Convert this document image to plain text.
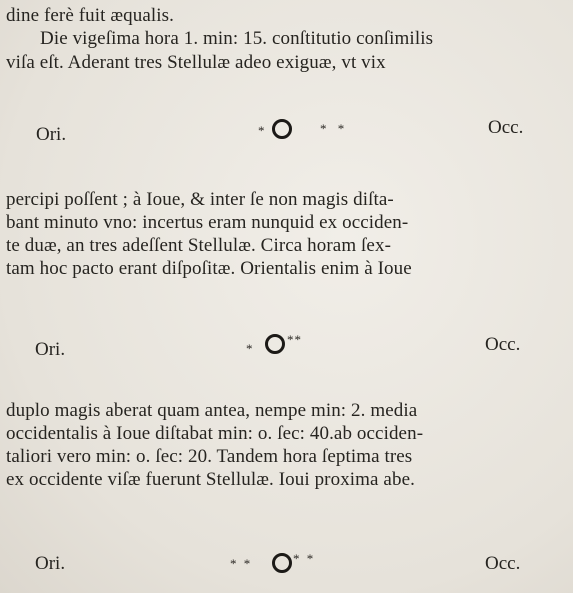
dine ferè fuit æqualis.
Die vigeſima hora 1. min: 15. conſtitutio conſimilis
viſa eſt. Aderant tres Stellulæ adeo exiguæ, vt vix
Ori.	*	* *	Occ.
percipi poſſent ; à Ioue, & inter ſe non magis diſta-
bant minuto vno: incertus eram nunquid ex occiden-
te duæ, an tres adeſſent Stellulæ. Circa horam ſex-
tam hoc pacto erant diſpoſitæ. Orientalis enim à Ioue
Ori.	*
**	Occ.
duplo magis aberat quam antea, nempe min: 2. media
occidentalis à Ioue diſtabat min: o. ſec: 40.ab occiden-
taliori vero min: o. ſec: 20. Tandem hora ſeptima tres
ex occidente viſæ fuerunt Stellulæ. Ioui proxima abe.
Ori.	* *	* *	Occ.
